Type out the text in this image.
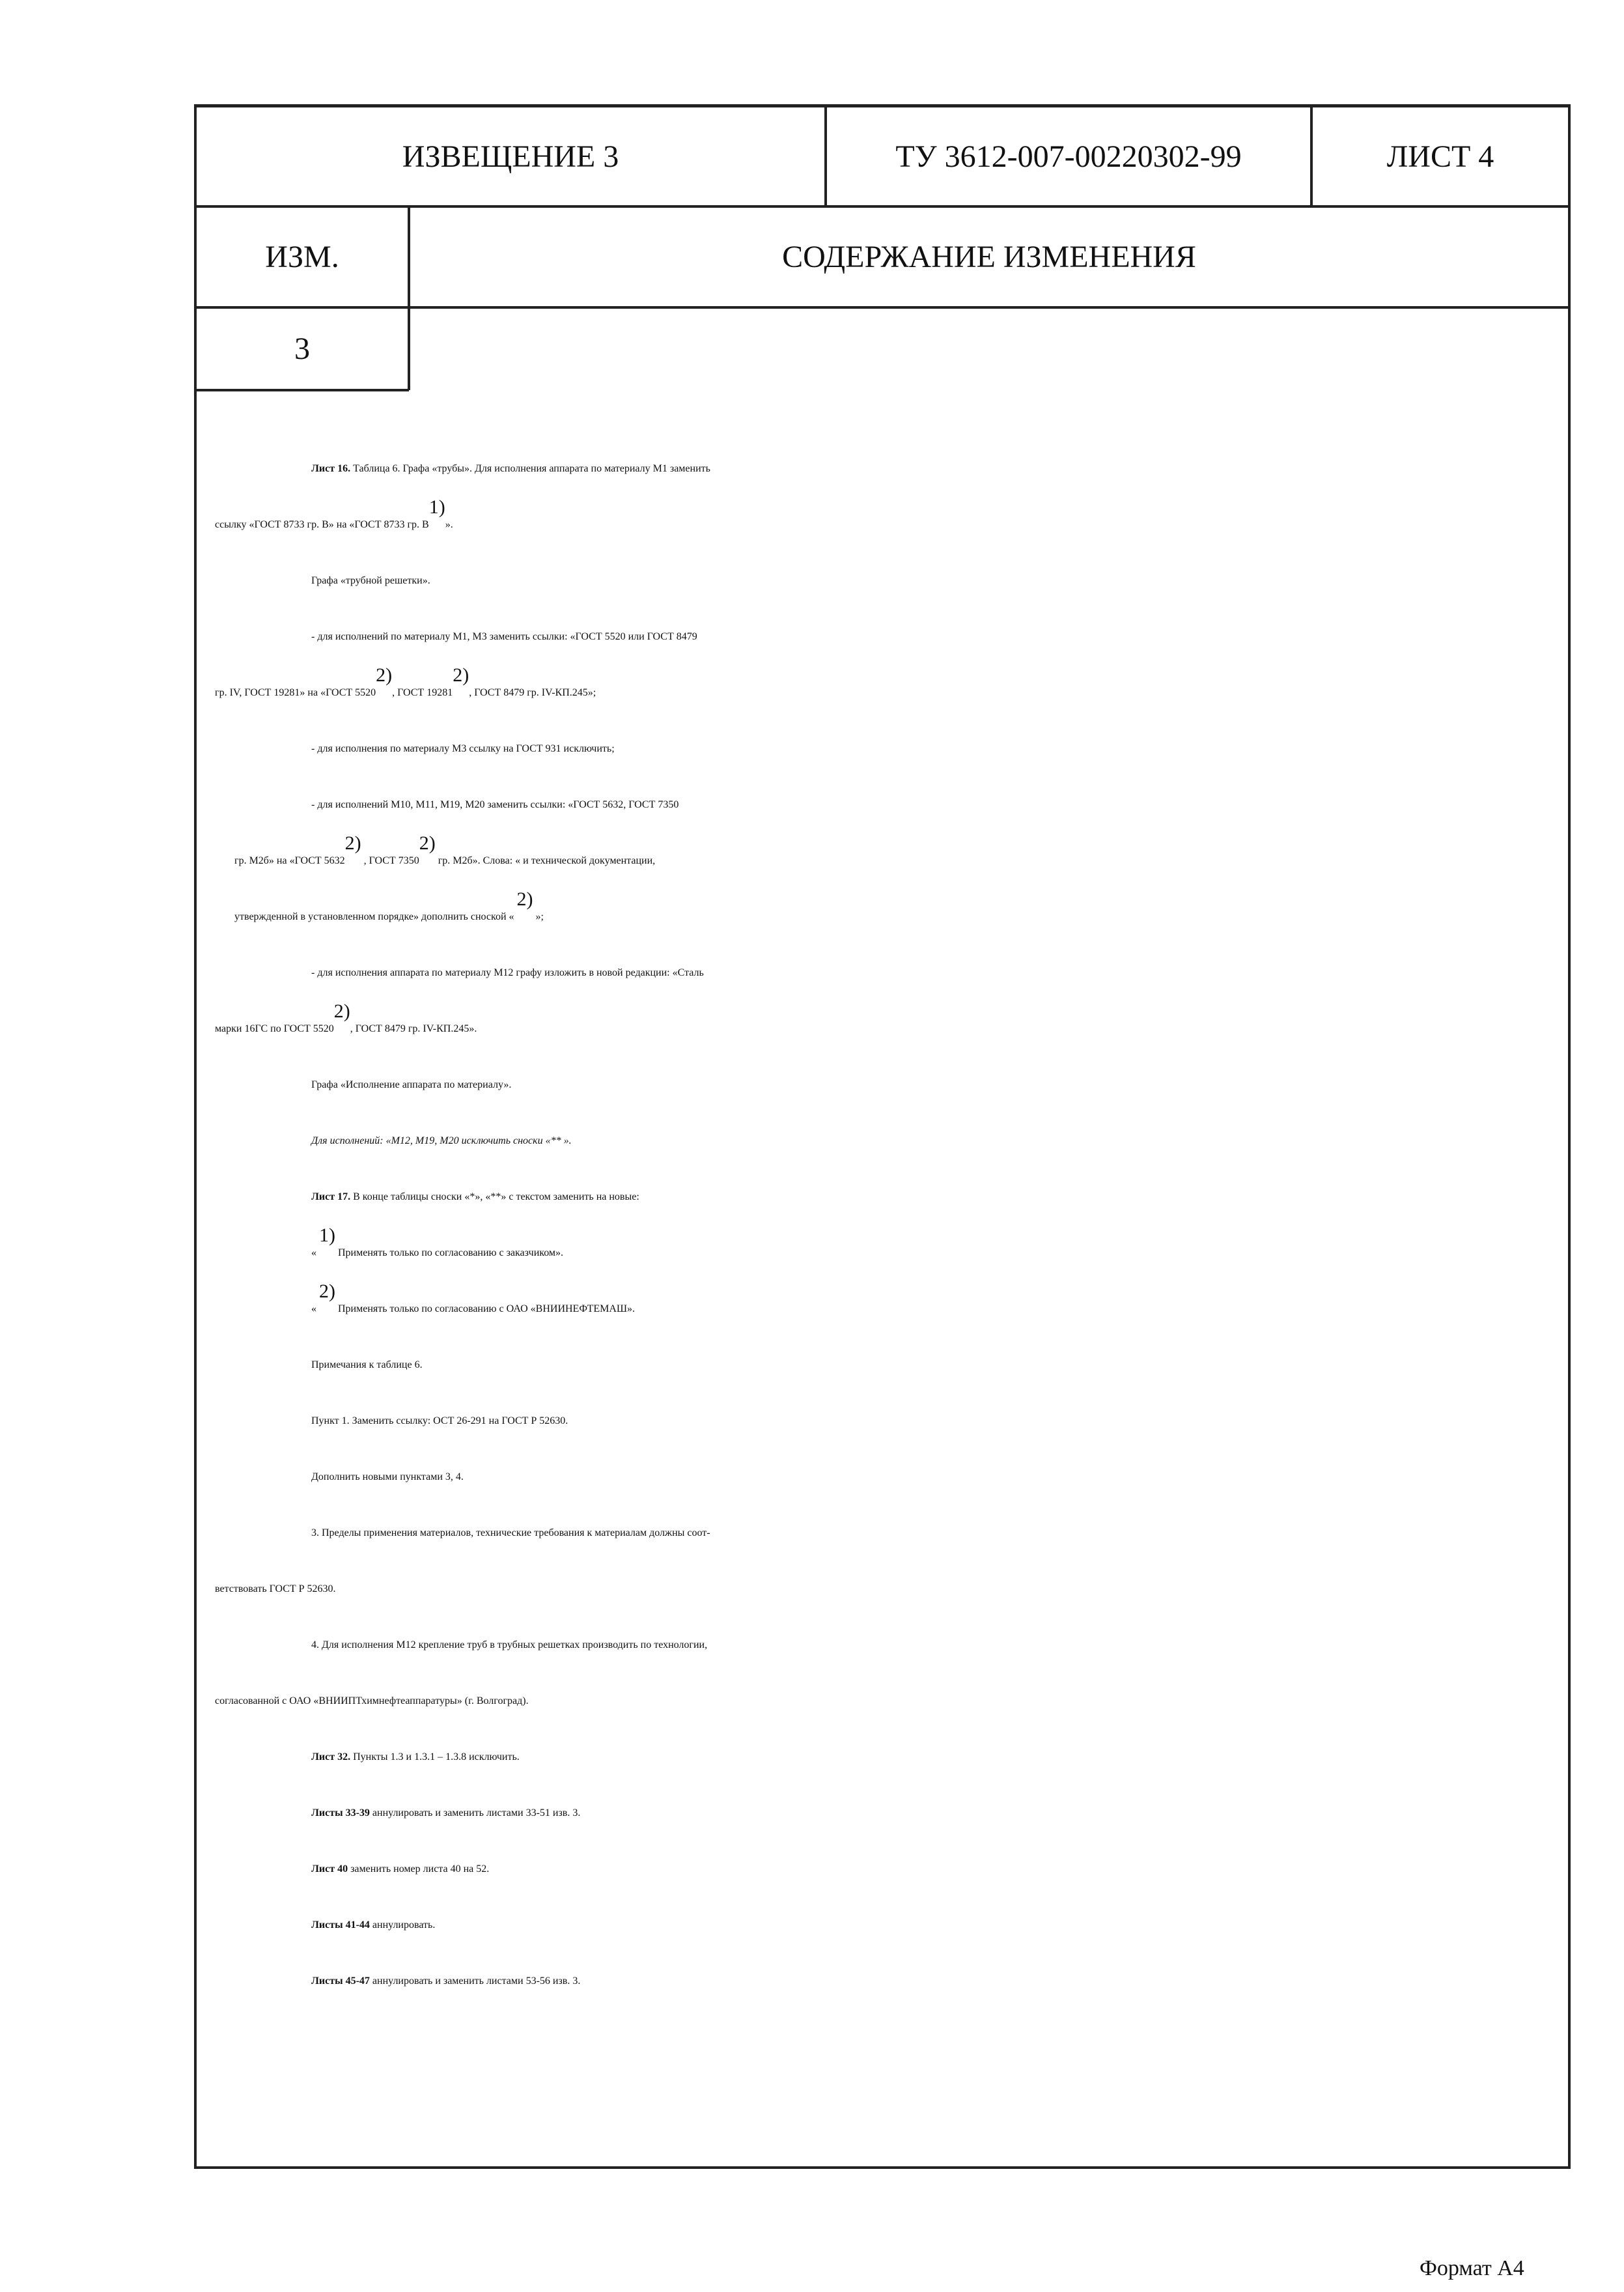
ИЗВЕЩЕНИЕ 3	ТУ 3612-007-00220302-99	ЛИСТ 4
ИЗМ.	СОДЕРЖАНИЕ ИЗМЕНЕНИЯ
3
Лист 16. Таблица 6. Графа «трубы». Для исполнения аппарата по материалу М1 заменить
ссылку «ГОСТ 8733 гр. В» на «ГОСТ 8733 гр. $В^{1)}$».
Графа «трубной решетки».
- для исполнений по материалу М1, М3 заменить ссылки: «ГОСТ 5520 или ГОСТ 8479
гр. IV, ГОСТ 19281» на «ГОСТ 5520$^{2)}$, ГОСТ 19281$^{2)}$, ГОСТ 8479 гр. IV-КП.245»;
- для исполнения по материалу М3 ссылку на ГОСТ 931 исключить;
- для исполнений М10, М11, М19, М20 заменить ссылки: «ГОСТ 5632, ГОСТ 7350
гр. М2б» на «ГОСТ 5632$^{2)}$ , ГОСТ 7350$^{2)}$ гр. М2б». Слова: « и технической документации,
утвержденной в установленном порядке» дополнить сноской « $^{2)}$ »;
- для исполнения аппарата по материалу М12 графу изложить в новой редакции: «Сталь
марки 16ГС по ГОСТ 5520$^{2)}$, ГОСТ 8479 гр. IV-КП.245».
Графа «Исполнение аппарата по материалу».
Для исполнений: «М12, М19, М20 исключить сноски «** ».
Лист 17. В конце таблицы сноски «*», «**» с текстом заменить на новые:
« $^{1)}$ Применять только по согласованию с заказчиком».
« $^{2)}$ Применять только по согласованию с ОАО «ВНИИНЕФТЕМАШ».
Примечания к таблице 6.
Пункт 1. Заменить ссылку: ОСТ 26-291 на ГОСТ Р 52630.
Дополнить новыми пунктами 3, 4.
3. Пределы применения материалов, технические требования к материалам должны соот-
ветствовать ГОСТ Р 52630.
4. Для исполнения М12 крепление труб в трубных решетках производить по технологии,
согласованной с ОАО «ВНИИПТхимнефтеаппаратуры» (г. Волгоград).
Лист 32. Пункты 1.3 и 1.3.1 – 1.3.8 исключить.
Листы 33-39 аннулировать и заменить листами 33-51 изв. 3.
Лист 40 заменить номер листа 40 на 52.
Листы 41-44 аннулировать.
Листы 45-47 аннулировать и заменить листами 53-56 изв. 3.
Формат А4
